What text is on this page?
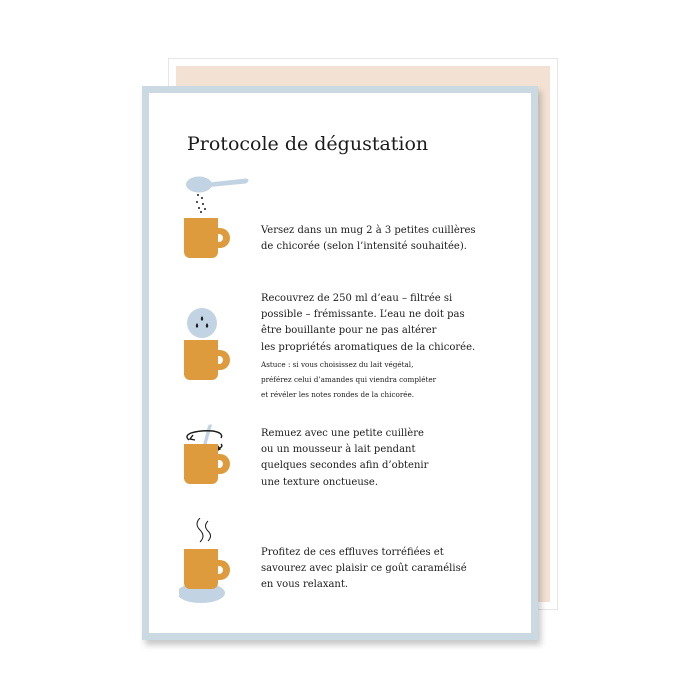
Protocole de dégustation

Versez dans un mug 2 à 3 petites cuillères

de chicorée (selon l’intensité souhaitée).

Recouvrez de 250 ml d’eau – filtrée si

possible – frémissante. L’eau ne doit pas

être bouillante pour ne pas altérer

les propriétés aromatiques de la chicorée.

Astuce : si vous choisissez du lait végétal,

préférez celui d’amandes qui viendra compléter

et révéler les notes rondes de la chicorée.

Remuez avec une petite cuillère

ou un mousseur à lait pendant

quelques secondes afin d’obtenir

une texture onctueuse.

Profitez de ces effluves torréfiées et

savourez avec plaisir ce goût caramélisé

en vous relaxant.
